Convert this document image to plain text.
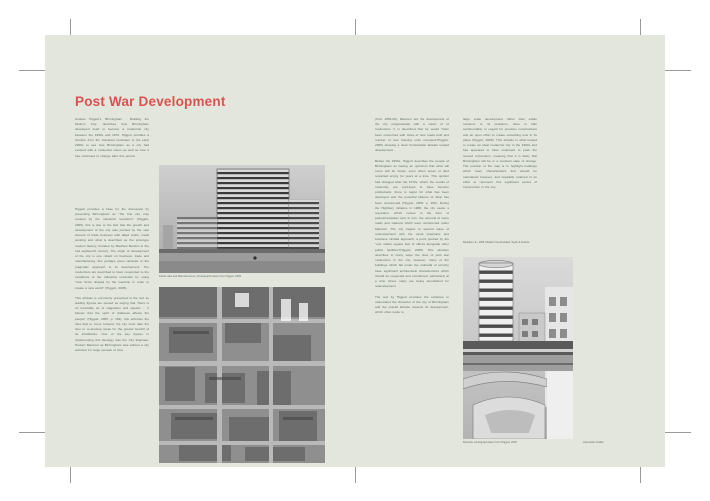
Post War Development

Andrew Higgott's 'Birmingham : Building the Modern City,' describes how Birmingham developed itself to become a modernist city between the 1950s and 1970. Higgott provides a timeline from the Industrial revolution to the early 2000s to see how Birmingham as a city had evolved with a modernist vision as well as how it has continued to change after this period.

Higgott provides a base for the discussion by presenting Birmingham as "the first city truly created by the industrial revolution" (Higgott, 2005), this is due to the fact that the growth and development of the city was pushed by the vast amount of trade business with allied crafts, metal working and what is described as the prototype modern factory, founded by Matthew Boulton in the mid eighteenth century. The origin of development of the city is one reliant on business, trade and manufacturing, this perhaps gives rationale to the pragmatic approach to its development. The modernists are described to have responded to the conditions of the industrial revolution by using "new forms shaped by the machine in order to create a new world" (Higgott, 2005).

This attitude is commonly presented in the text as leading figures are quoted as saying that "there is an inevitable air of stagnation and squalor ... it follows that the spirit of drabness affects the people" (Higgott, 2005, p. 192), this enforces the idea that to move forward, the city must take the time to re-develop areas for the greater benefit of its inhabitants. One of the key figures in implementing this ideology was the City Engineer, Herbert Manzoni as Birmingham was without a city architect for large periods of time

Castle Vale and Marcella Green, photographs taken from Higgott, 2005

(from 1955-69). Manzoni led the development of the city pragmatically with a vision of of modernism. It is described that he would "have been concerned with miles of new roads built and number of new housing units occupied"(Higgott, 2005) showing a clear functionalist attitude toward development.

Before the 1950s, Higgott describes the people of Birmingham as having an optimism that what will come will be better, even when areas of land remained empty for years at a time. This opinion had changed after the 1970s, where the results of modernity are portrayed to have become problematic, there is regret for what has been destroyed and the potential failures of what has been constructed (Higgott, 2005, p. 165). During the Highbury initiative in 1988, the city seeks a resolution, which comes in the form of pedestrianisation and, in turn, the removal of some roads and viaducts which were constructed under Manzoni. The city begins to second wave of redevelopment with the usual pragmatic and business minded approach, a point pushed by the "one million square feet of offices alongside other public facilities"(Higgott, 2005). This situation describes in many ways the view of post war modernism in the city, however, many of the buildings which fall under the umbrella of scrutiny have significant architectural characteristics which should be respected and considered, particularly at a time where many are being demolished for redevelopment.

The text by Higgott provides the evidence to understand the character of the city of Birmingham and the overall attitude towards its development, which often looks to

large scale development rather than subtle solutions to its problems, there is little sentimentality or regard for previous constructions and an open effort to create something new in its place (Higgott, 2005). This attitude is what helped to create an ideal modernist city in the 1960s and has appeared to have continued to push the second reinvention, meaning that it is likely that Birmingham will be in a constant state of change. The position of the map is to highlight buildings which have characteristics that should be maintained however, and hopefully retained in an effort to represent this significant period of construction in the city.

Davidson, E., 2005. Modern City Revisited, Taylor & Francis.
Rotunda, photograph taken from Higgott, 2005	Alexander Dallal
